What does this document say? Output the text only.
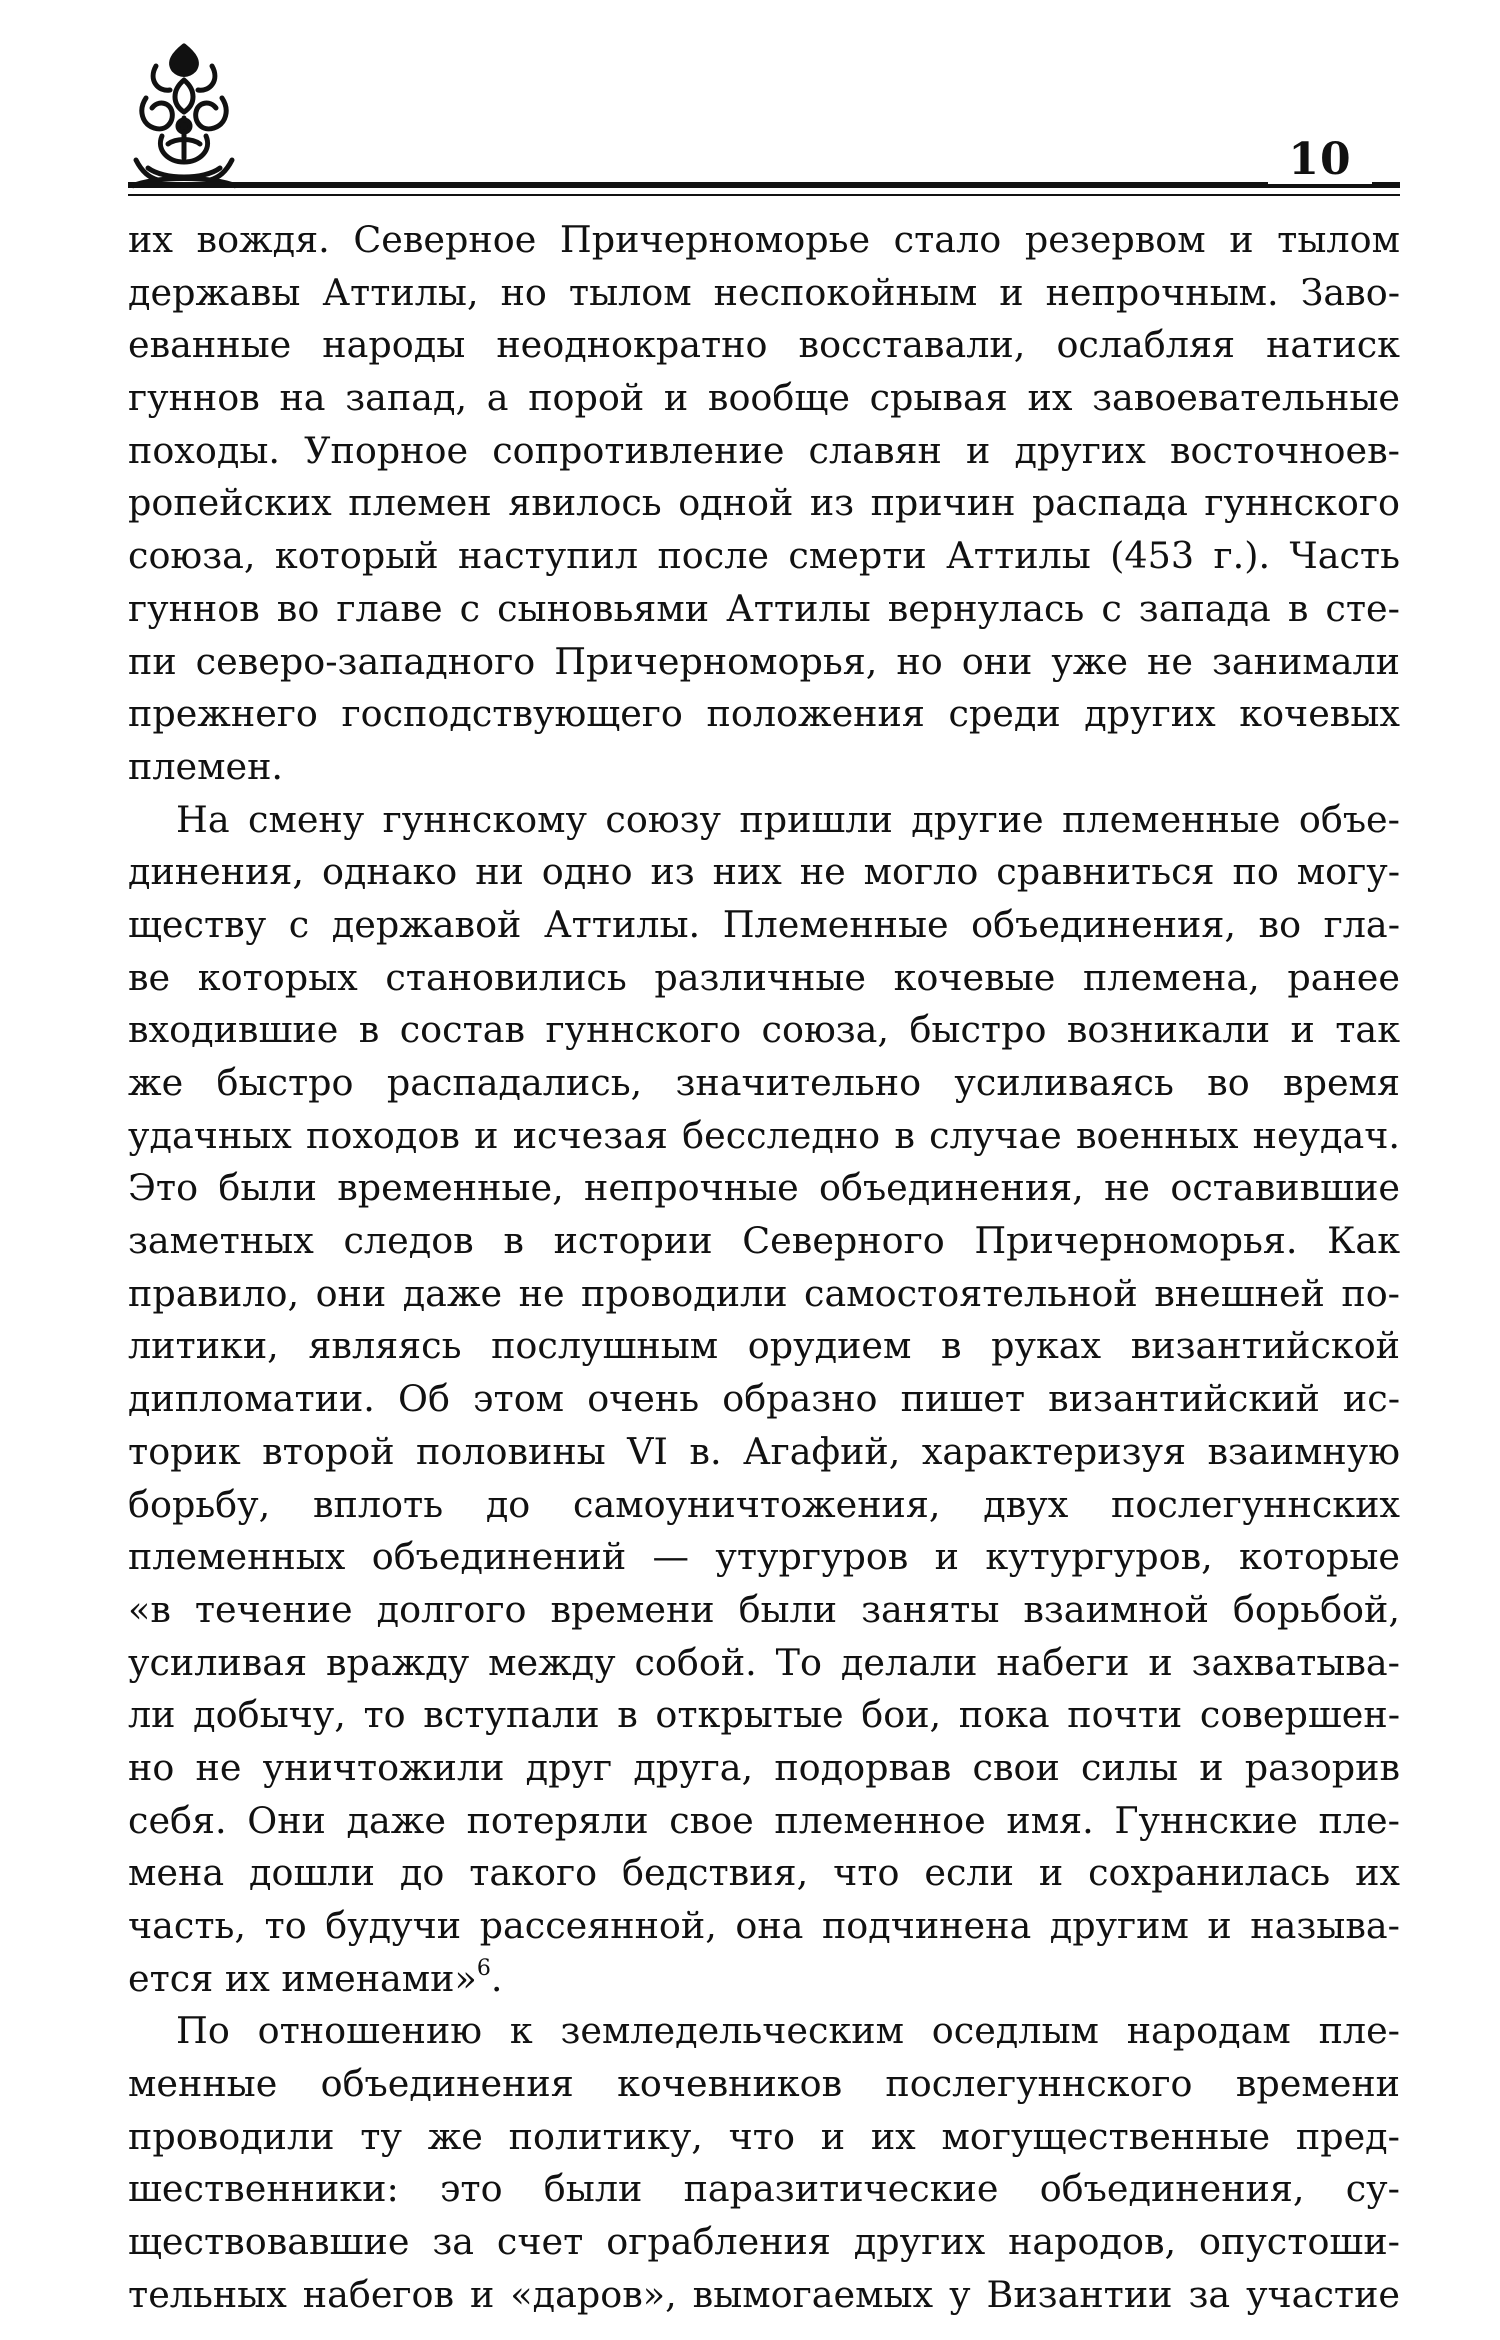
10

их вождя. Северное Причерноморье стало резервом и тылом
державы Аттилы, но тылом неспокойным и непрочным. Заво-
еванные народы неоднократно восставали, ослабляя натиск
гуннов на запад, а порой и вообще срывая их завоевательные
походы. Упорное сопротивление славян и других восточноев-
ропейских племен явилось одной из причин распада гуннского
союза, который наступил после смерти Аттилы (453 г.). Часть
гуннов во главе с сыновьями Аттилы вернулась с запада в сте-
пи северо-западного Причерноморья, но они уже не занимали
прежнего господствующего положения среди других кочевых
племен.

На смену гуннскому союзу пришли другие племенные объе-
динения, однако ни одно из них не могло сравниться по могу-
ществу с державой Аттилы. Племенные объединения, во гла-
ве которых становились различные кочевые племена, ранее
входившие в состав гуннского союза, быстро возникали и так
же быстро распадались, значительно усиливаясь во время
удачных походов и исчезая бесследно в случае военных неудач.
Это были временные, непрочные объединения, не оставившие
заметных следов в истории Северного Причерноморья. Как
правило, они даже не проводили самостоятельной внешней по-
литики, являясь послушным орудием в руках византийской
дипломатии. Об этом очень образно пишет византийский ис-
торик второй половины VI в. Агафий, характеризуя взаимную
борьбу, вплоть до самоуничтожения, двух послегуннских
племенных объединений — утургуров и кутургуров, которые
«в течение долгого времени были заняты взаимной борьбой,
усиливая вражду между собой. То делали набеги и захватыва-
ли добычу, то вступали в открытые бои, пока почти совершен-
но не уничтожили друг друга, подорвав свои силы и разорив
себя. Они даже потеряли свое племенное имя. Гуннские пле-
мена дошли до такого бедствия, что если и сохранилась их
часть, то будучи рассеянной, она подчинена другим и называ-
ется их именами»$^6$.

По отношению к земледельческим оседлым народам пле-
менные объединения кочевников послегуннского времени
проводили ту же политику, что и их могущественные пред-
шественники: это были паразитические объединения, су-
ществовавшие за счет ограбления других народов, опустоши-
тельных набегов и «даров», вымогаемых у Византии за участие
